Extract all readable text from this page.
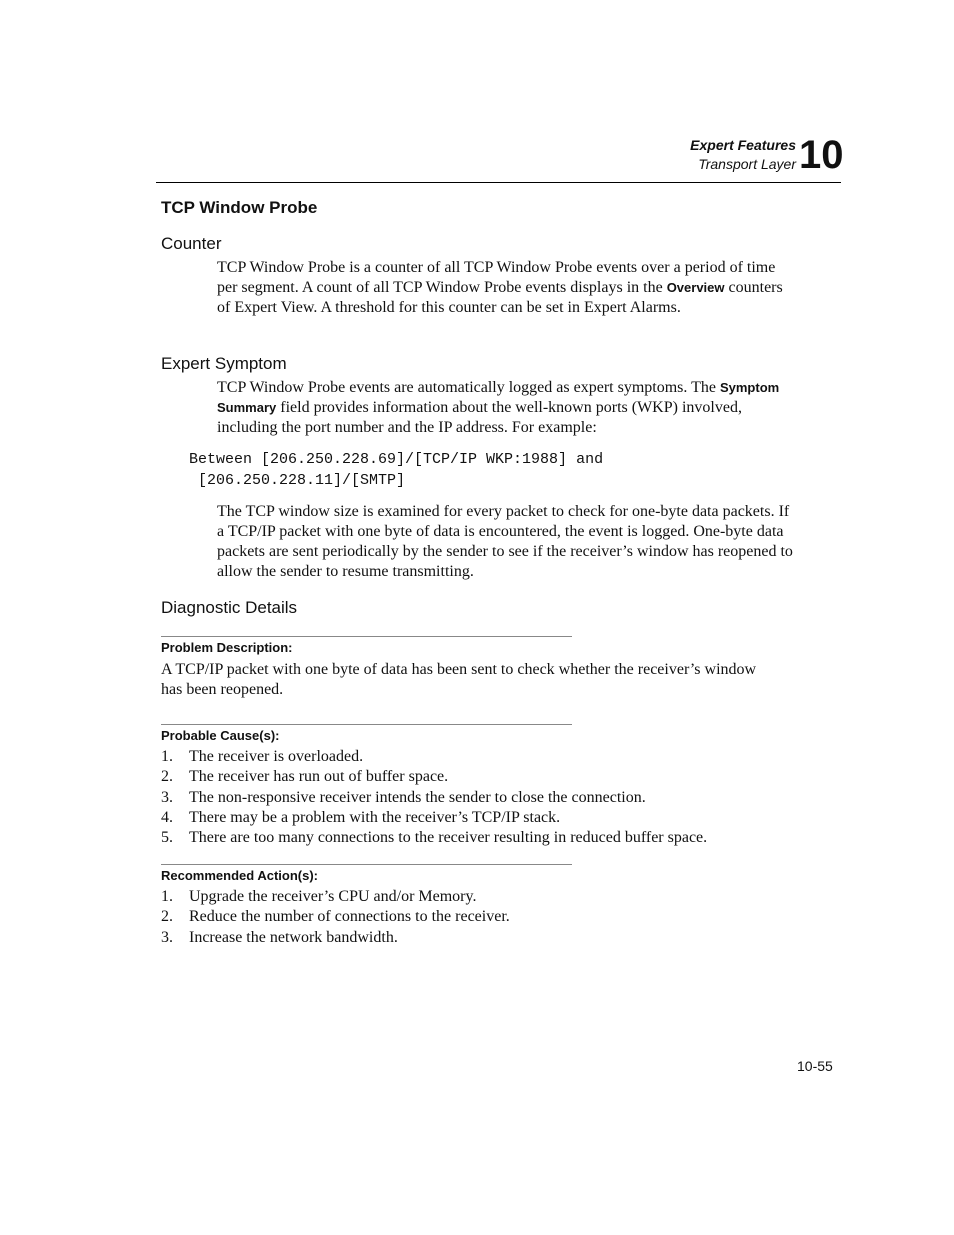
Expert Features
Transport Layer 10
TCP Window Probe
Counter

TCP Window Probe is a counter of all TCP Window Probe events over a period of time per segment. A count of all TCP Window Probe events displays in the Overview counters of Expert View. A threshold for this counter can be set in Expert Alarms.

Expert Symptom

TCP Window Probe events are automatically logged as expert symptoms. The Symptom Summary field provides information about the well-known ports (WKP) involved, including the port number and the IP address. For example:

Between [206.250.228.69]/[TCP/IP WKP:1988] and
[206.250.228.11]/[SMTP]

The TCP window size is examined for every packet to check for one-byte data packets. If a TCP/IP packet with one byte of data is encountered, the event is logged. One-byte data packets are sent periodically by the sender to see if the receiver’s window has reopened to allow the sender to resume transmitting.

Diagnostic Details
Problem Description:
A TCP/IP packet with one byte of data has been sent to check whether the receiver’s window has been reopened.
Probable Cause(s):
1.	The receiver is overloaded.
2.	The receiver has run out of buffer space.
3.	The non-responsive receiver intends the sender to close the connection.
4.	There may be a problem with the receiver’s TCP/IP stack.
5.	There are too many connections to the receiver resulting in reduced buffer space.
Recommended Action(s):
1.	Upgrade the receiver’s CPU and/or Memory.
2.	Reduce the number of connections to the receiver.
3.	Increase the network bandwidth.
10-55
